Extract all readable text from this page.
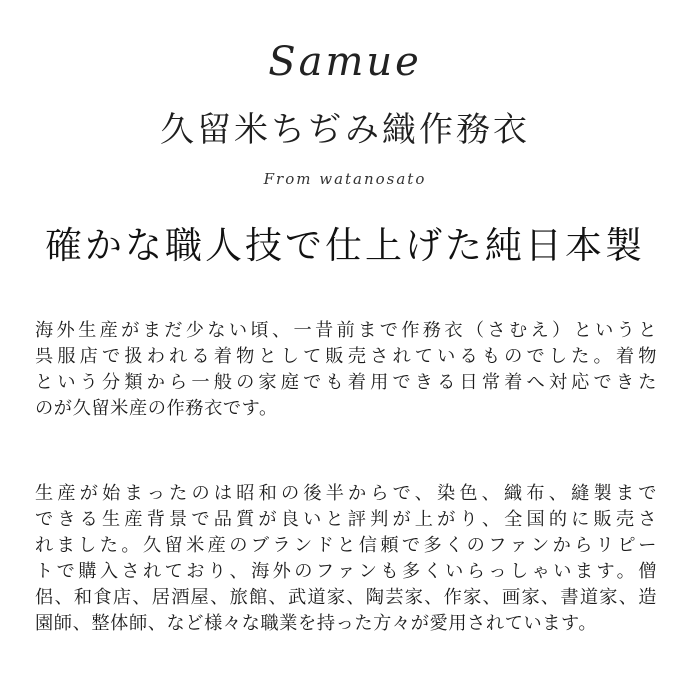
Samue
久留米ちぢみ織作務衣
From watanosato
確かな職人技で仕上げた純日本製
海外生産がまだ少ない頃、一昔前まで作務衣（さむえ）というと
呉服店で扱われる着物として販売されているものでした。着物
という分類から一般の家庭でも着用できる日常着へ対応できた
のが久留米産の作務衣です。
生産が始まったのは昭和の後半からで、染色、織布、縫製まで
できる生産背景で品質が良いと評判が上がり、全国的に販売さ
れました。久留米産のブランドと信頼で多くのファンからリピー
トで購入されており、海外のファンも多くいらっしゃいます。僧
侶、和食店、居酒屋、旅館、武道家、陶芸家、作家、画家、書道家、造
園師、整体師、など様々な職業を持った方々が愛用されています。
